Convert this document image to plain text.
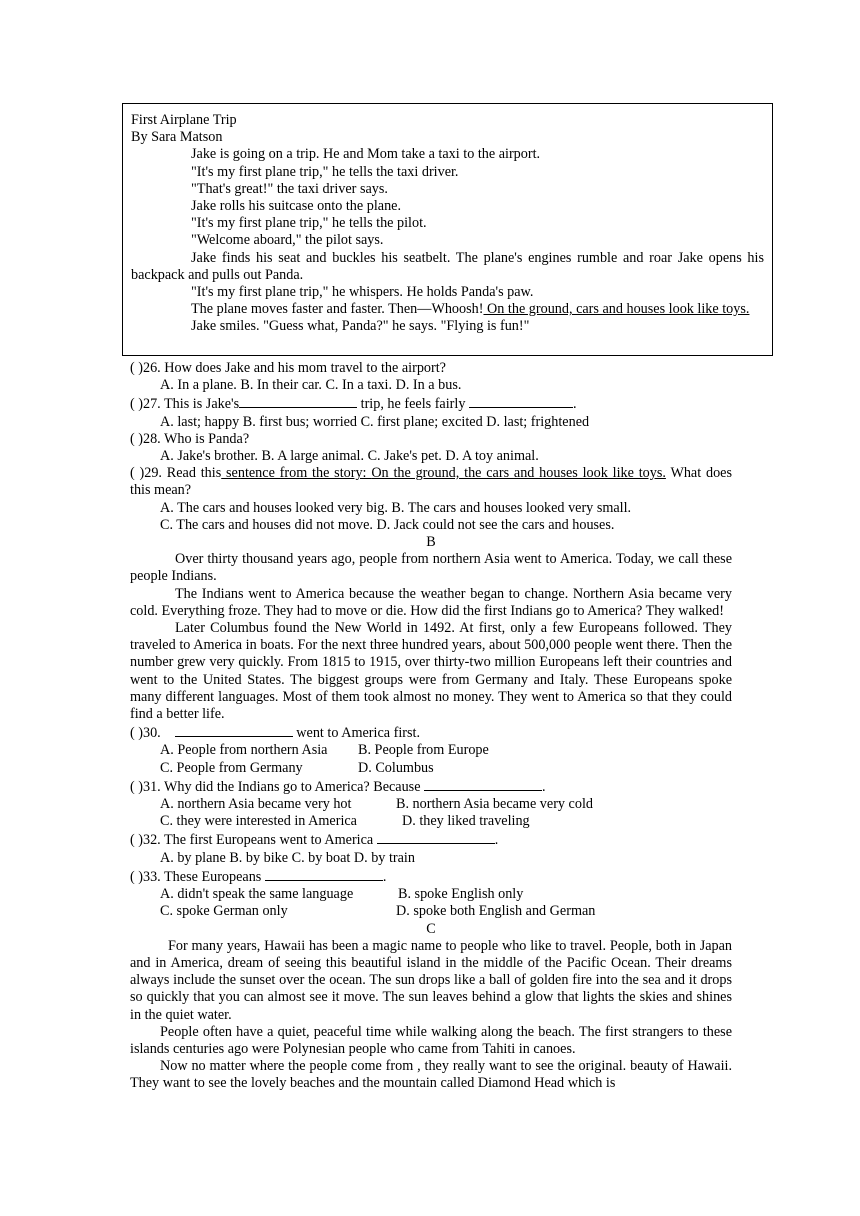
First Airplane Trip
By Sara Matson
Jake is going on a trip. He and Mom take a taxi to the airport.
"It's my first plane trip," he tells the taxi driver.
"That's great!" the taxi driver says.
Jake rolls his suitcase onto the plane.
"It's my first plane trip," he tells the pilot.
"Welcome aboard," the pilot says.
Jake finds his seat and buckles his seatbelt. The plane's engines rumble and roar Jake opens his backpack and pulls out Panda.
"It's my first plane trip," he whispers. He holds Panda's paw.
The plane moves faster and faster. Then—Whoosh! On the ground, cars and houses look like toys.
Jake smiles. "Guess what, Panda?" he says. "Flying is fun!"
( )26. How does Jake and his mom travel to the airport?
A. In a plane. B. In their car. C. In a taxi. D. In a bus.
( )27. This is Jake's	trip, he feels fairly	.
A. last; happy B. first bus; worried C. first plane; excited D. last; frightened
( )28. Who is Panda?
A. Jake's brother. B. A large animal. C. Jake's pet. D. A toy animal.
( )29. Read this sentence from the story: On the ground, the cars and houses look like toys. What does this mean?
A. The cars and houses looked very big. B. The cars and houses looked very small.
C. The cars and houses did not move. D. Jack could not see the cars and houses.
B
Over thirty thousand years ago, people from northern Asia went to America. Today, we call these people Indians.
The Indians went to America because the weather began to change. Northern Asia became very cold. Everything froze. They had to move or die. How did the first Indians go to America? They walked!
Later Columbus found the New World in 1492. At first, only a few Europeans followed. They traveled to America in boats. For the next three hundred years, about 500,000 people went there. Then the number grew very quickly. From 1815 to 1915, over thirty-two million Europeans left their countries and went to the United States. The biggest groups were from Germany and Italy. These Europeans spoke many different languages. Most of them took almost no money. They went to America so that they could find a better life.
( )30.	went to America first.
A. People from northern Asia B. People from Europe
C. People from Germany	D. Columbus
( )31. Why did the Indians go to America? Because	.
A. northern Asia became very hot	B. northern Asia became very cold
C. they were interested in America	D. they liked traveling
( )32. The first Europeans went to America	.
A. by plane B. by bike C. by boat D. by train
( )33. These Europeans	.
A. didn't speak the same language	B. spoke English only
C. spoke German only	D. spoke both English and German
C
For many years, Hawaii has been a magic name to people who like to travel. People, both in Japan and in America, dream of seeing this beautiful island in the middle of the Pacific Ocean. Their dreams always include the sunset over the ocean. The sun drops like a ball of golden fire into the sea and it drops so quickly that you can almost see it move. The sun leaves behind a glow that lights the skies and shines in the quiet water.
People often have a quiet, peaceful time while walking along the beach. The first strangers to these islands centuries ago were Polynesian people who came from Tahiti in canoes.
Now no matter where the people come from , they really want to see the original. beauty of Hawaii. They want to see the lovely beaches and the mountain called Diamond Head which is
